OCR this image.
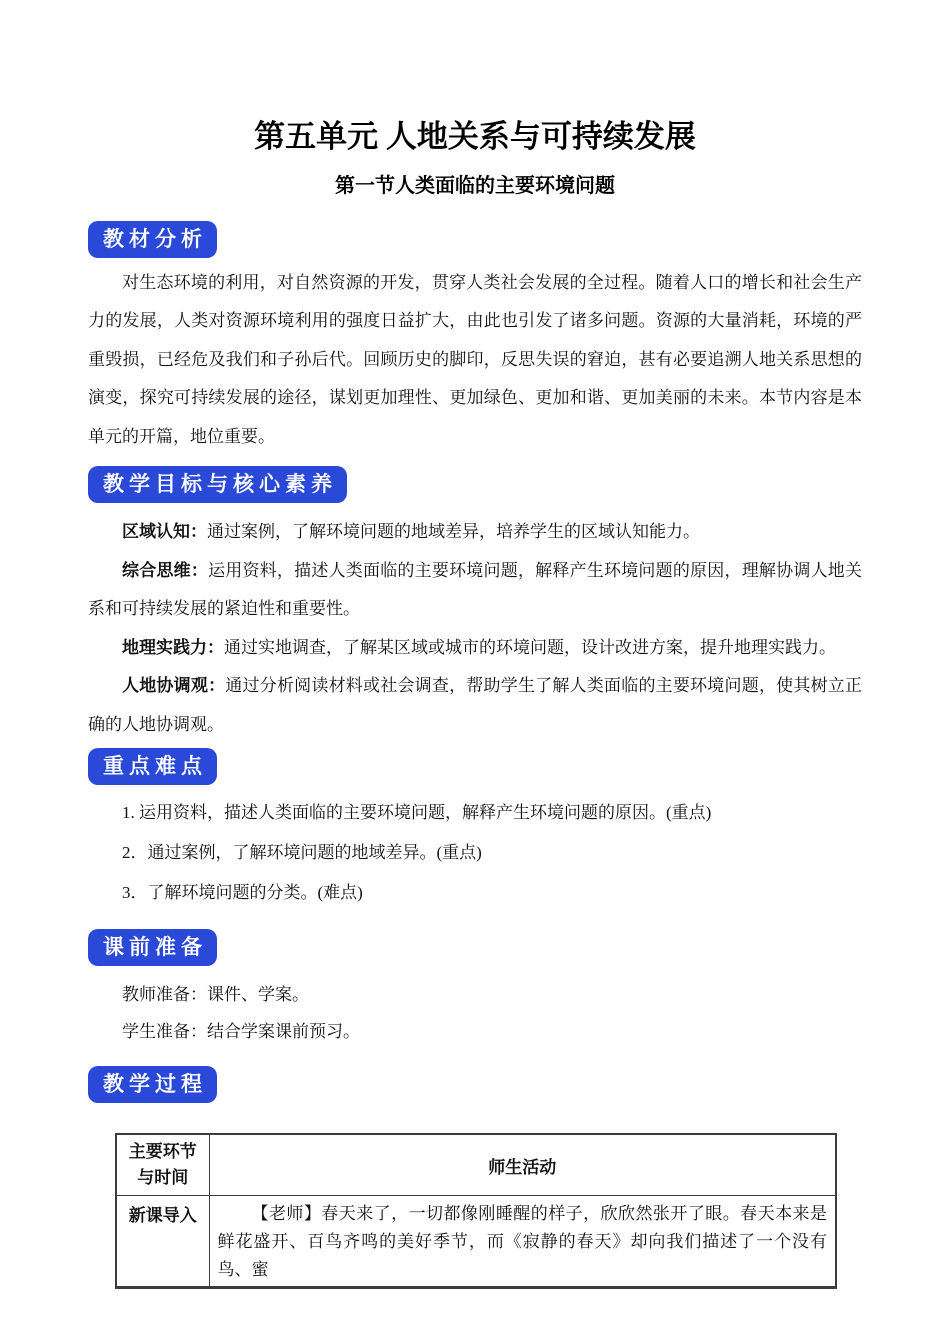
第五单元 人地关系与可持续发展
第一节人类面临的主要环境问题
教材分析

对生态环境的利用，对自然资源的开发，贯穿人类社会发展的全过程。随着人口的增长和社会生产力的发展，人类对资源环境利用的强度日益扩大，由此也引发了诸多问题。资源的大量消耗，环境的严重毁损，已经危及我们和子孙后代。回顾历史的脚印，反思失误的窘迫，甚有必要追溯人地关系思想的演变，探究可持续发展的途径，谋划更加理性、更加绿色、更加和谐、更加美丽的未来。本节内容是本单元的开篇，地位重要。

教学目标与核心素养

区域认知：通过案例，了解环境问题的地域差异，培养学生的区域认知能力。

综合思维：运用资料，描述人类面临的主要环境问题，解释产生环境问题的原因，理解协调人地关系和可持续发展的紧迫性和重要性。

地理实践力：通过实地调查，了解某区域或城市的环境问题，设计改进方案，提升地理实践力。

人地协调观：通过分析阅读材料或社会调查，帮助学生了解人类面临的主要环境问题，使其树立正确的人地协调观。

重点难点

1. 运用资料，描述人类面临的主要环境问题，解释产生环境问题的原因。(重点)

2．通过案例，了解环境问题的地域差异。(重点)

3．了解环境问题的分类。(难点)

课前准备

教师准备：课件、学案。

学生准备：结合学案课前预习。

教学过程
主要环节
与时间	师生活动
新课导入	【老师】春天来了，一切都像刚睡醒的样子，欣欣然张开了眼。春天本来是鲜花盛开、百鸟齐鸣的美好季节，而《寂静的春天》却向我们描述了一个没有鸟、蜜
